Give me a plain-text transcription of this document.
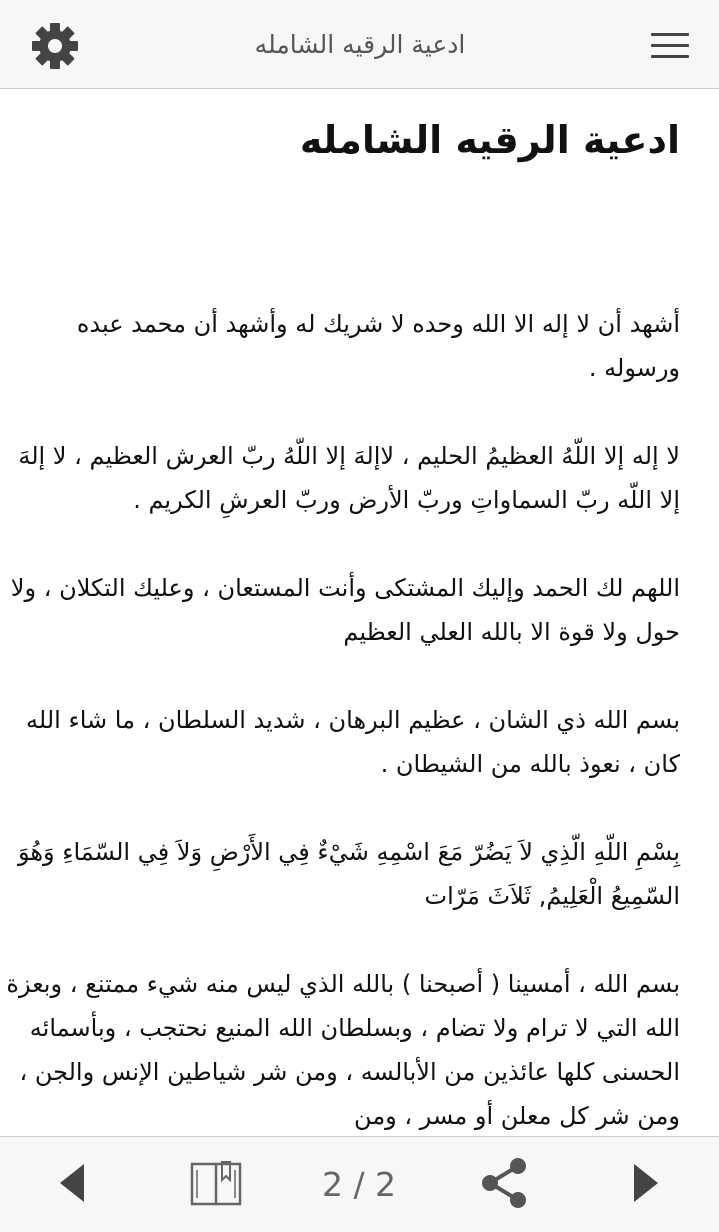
ادعية الرقيه الشامله
ادعية الرقيه الشامله

أشهد أن لا إله الا الله وحده لا شريك له وأشهد أن محمد عبده ورسوله .

لا إله إلا اللّهُ العظيمُ الحليم ، لاإلهَ إلا اللّهُ ربّ العرش العظيم ، لا إلهَ إلا اللّه ربّ السماواتِ وربّ الأرض وربّ العرشِ الكريم .

اللهم لك الحمد وإليك المشتكى وأنت المستعان ، وعليك التكلان ، ولا حول ولا قوة الا بالله العلي العظيم

بسم الله ذي الشان ، عظيم البرهان ، شديد السلطان ، ما شاء الله كان ، نعوذ بالله من الشيطان .

بِسْمِ اللّهِ الّذِي لاَ يَضُرّ مَعَ اسْمِهِ شَيْءٌ فِي الأَرْضِ وَلاَ فِي السّمَاءِ وَهُوَ السّمِيعُ الْعَلِيمُ, ثَلاَثَ مَرّات

بسم الله ، أمسينا ( أصبحنا ) بالله الذي ليس منه شيء ممتنع ، وبعزة الله التي لا ترام ولا تضام ، وبسلطان الله المنيع نحتجب ، وبأسمائه الحسنى كلها عائذين من الأبالسه ، ومن شر شياطين الإنس والجن ، ومن شر كل معلن أو مسر ، ومن

2 / 2
